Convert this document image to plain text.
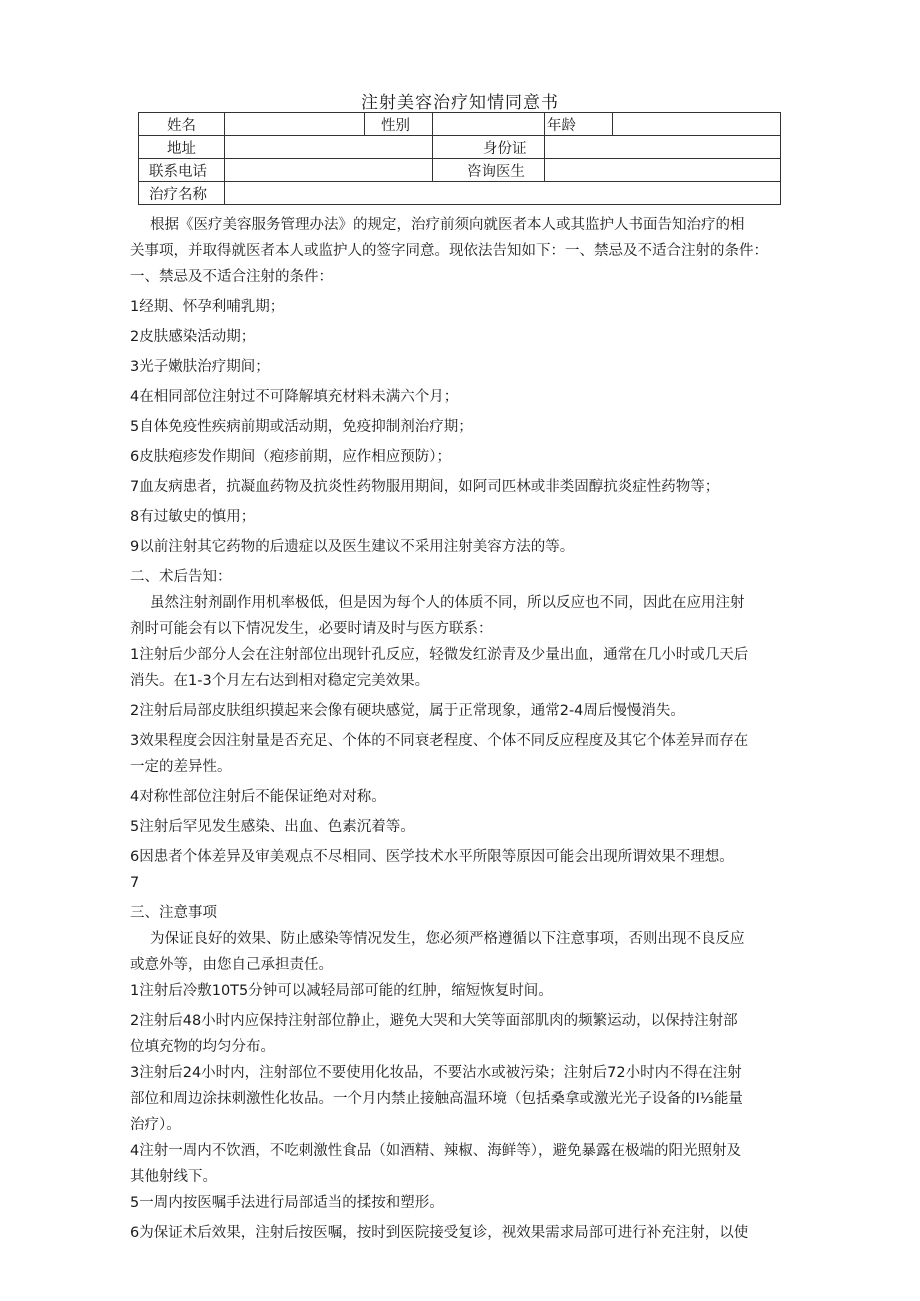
注射美容治疗知情同意书
姓名		性别		年龄	
地址			身份证		
联系电话			咨询医生		
治疗名称					

根据《医疗美容服务管理办法》的规定，治疗前须向就医者本人或其监护人书面告知治疗的相

关事项，并取得就医者本人或监护人的签字同意。现依法告知如下：一、禁忌及不适合注射的条件：

一、禁忌及不适合注射的条件：

1经期、怀孕利哺乳期；

2皮肤感染活动期；

3光子嫩肤治疗期间；

4在相同部位注射过不可降解填充材料未满六个月；

5自体免疫性疾病前期或活动期，免疫抑制剂治疗期；

6皮肤疱疹发作期间（疱疹前期，应作相应预防）；

7血友病患者，抗凝血药物及抗炎性药物服用期间，如阿司匹林或非类固醇抗炎症性药物等；

8有过敏史的慎用；

9以前注射其它药物的后遗症以及医生建议不采用注射美容方法的等。

二、术后告知：

虽然注射剂副作用机率极低，但是因为每个人的体质不同，所以反应也不同，因此在应用注射

剂时可能会有以下情况发生，必要时请及时与医方联系：

1注射后少部分人会在注射部位出现针孔反应，轻微发红淤青及少量出血，通常在几小时或几天后

消失。在1-3个月左右达到相对稳定完美效果。

2注射后局部皮肤组织摸起来会像有硬块感觉，属于正常现象，通常2-4周后慢慢消失。

3效果程度会因注射量是否充足、个体的不同衰老程度、个体不同反应程度及其它个体差异而存在

一定的差异性。

4对称性部位注射后不能保证绝对对称。

5注射后罕见发生感染、出血、色素沉着等。

6因患者个体差异及审美观点不尽相同、医学技术水平所限等原因可能会出现所谓效果不理想。

7

三、注意事项

为保证良好的效果、防止感染等情况发生，您必须严格遵循以下注意事项，否则出现不良反应

或意外等，由您自己承担责任。

1注射后冷敷10T5分钟可以减轻局部可能的红肿，缩短恢复时间。

2注射后48小时内应保持注射部位静止，避免大哭和大笑等面部肌肉的频繁运动，以保持注射部

位填充物的均匀分布。

3注射后24小时内，注射部位不要使用化妆品，不要沾水或被污染；注射后72小时内不得在注射

部位和周边涂抹刺激性化妆品。一个月内禁止接触高温环境（包括桑拿或激光光子设备的I⅓能量

治疗）。

4注射一周内不饮酒，不吃刺激性食品（如酒精、辣椒、海鲜等），避免暴露在极端的阳光照射及

其他射线下。

5一周内按医嘱手法进行局部适当的揉按和塑形。

6为保证术后效果，注射后按医嘱，按时到医院接受复诊，视效果需求局部可进行补充注射，以使
